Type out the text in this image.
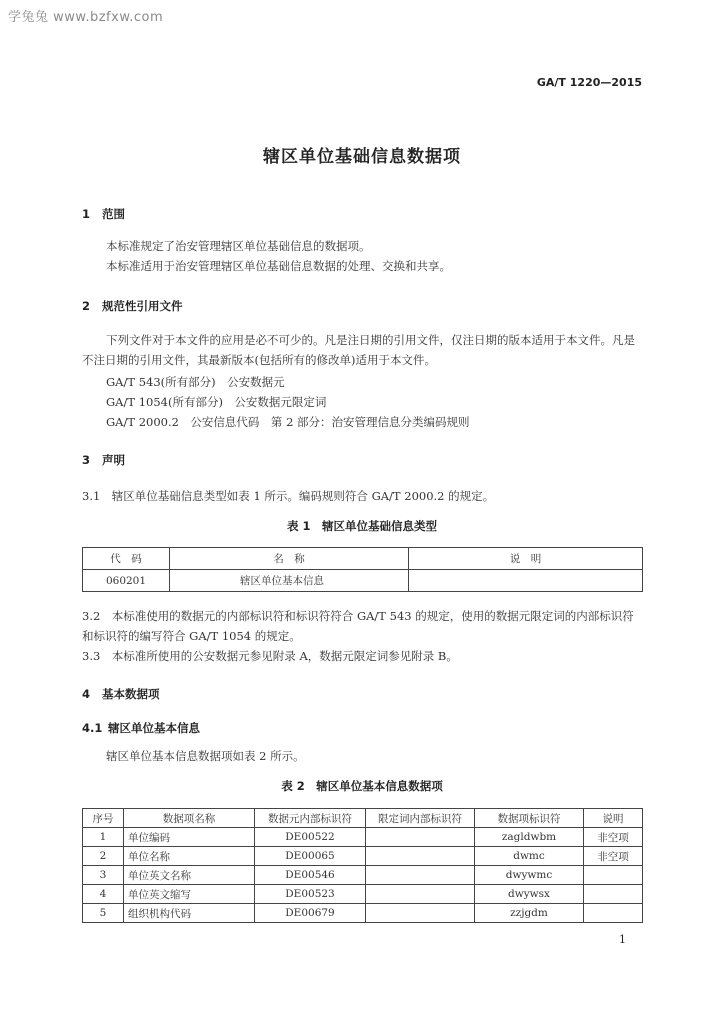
学兔兔 www.bzfxw.com
GA/T 1220—2015
辖区单位基础信息数据项
1 范围
本标准规定了治安管理辖区单位基础信息的数据项。
本标准适用于治安管理辖区单位基础信息数据的处理、交换和共享。
2 规范性引用文件
下列文件对于本文件的应用是必不可少的。凡是注日期的引用文件，仅注日期的版本适用于本文件。凡是不注日期的引用文件，其最新版本(包括所有的修改单)适用于本文件。
GA/T 543(所有部分)　公安数据元
GA/T 1054(所有部分)　公安数据元限定词
GA/T 2000.2　公安信息代码　第 2 部分：治安管理信息分类编码规则
3 声明
3.1　辖区单位基础信息类型如表 1 所示。编码规则符合 GA/T 2000.2 的规定。
表 1　辖区单位基础信息类型
代　码	名　称	说　明
060201	辖区单位基本信息	
3.2　本标准使用的数据元的内部标识符和标识符符合 GA/T 543 的规定，使用的数据元限定词的内部标识符和标识符的编写符合 GA/T 1054 的规定。
3.3　本标准所使用的公安数据元参见附录 A，数据元限定词参见附录 B。
4 基本数据项
4.1 辖区单位基本信息
辖区单位基本信息数据项如表 2 所示。
表 2　辖区单位基本信息数据项
序号	数据项名称	数据元内部标识符	限定词内部标识符	数据项标识符	说明
1	单位编码	DE00522		zagldwbm	非空项
2	单位名称	DE00065		dwmc	非空项
3	单位英文名称	DE00546		dwywmc	
4	单位英文缩写	DE00523		dwywsx	
5	组织机构代码	DE00679		zzjgdm	
1
